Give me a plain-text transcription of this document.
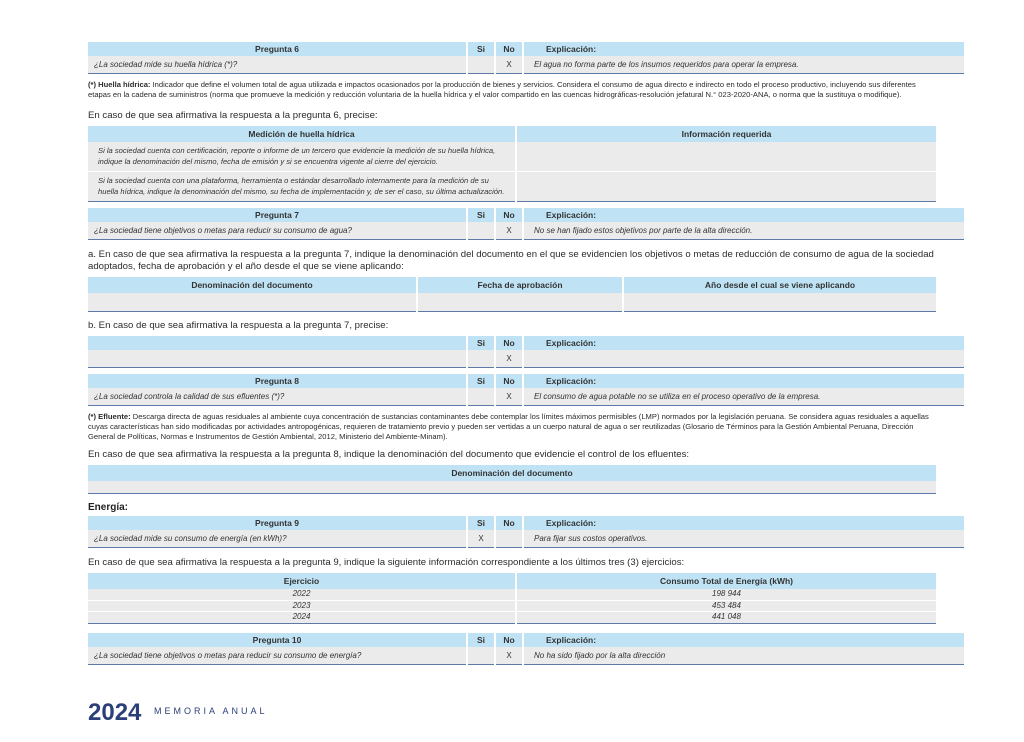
Pregunta 6	Si	No	Explicación:
¿La sociedad mide su huella hídrica (*)?		X	El agua no forma parte de los insumos requeridos para operar la empresa.

(*) Huella hídrica: Indicador que define el volumen total de agua utilizada e impactos ocasionados por la producción de bienes y servicios. Considera el consumo de agua directo e indirecto en todo el proceso productivo, incluyendo sus diferentes etapas en la cadena de suministros (norma que promueve la medición y reducción voluntaria de la huella hídrica y el valor compartido en las cuencas hidrográficas-resolución jefatural N.° 023-2020-ANA, o norma que la sustituya o modifique).

En caso de que sea afirmativa la respuesta a la pregunta 6, precise:

Medición de huella hídrica	Información requerida
Si la sociedad cuenta con certificación, reporte o informe de un tercero que evidencie la medición de su huella hídrica, indique la denominación del mismo, fecha de emisión y si se encuentra vigente al cierre del ejercicio.	
Si la sociedad cuenta con una plataforma, herramienta o estándar desarrollado internamente para la medición de su huella hídrica, indique la denominación del mismo, su fecha de implementación y, de ser el caso, su última actualización.	
Pregunta 7	Si	No	Explicación:
¿La sociedad tiene objetivos o metas para reducir su consumo de agua?		X	No se han fijado estos objetivos por parte de la alta dirección.

a. En caso de que sea afirmativa la respuesta a la pregunta 7, indique la denominación del documento en el que se evidencien los objetivos o metas de reducción de consumo de agua de la sociedad adoptados, fecha de aprobación y el año desde el que se viene aplicando:

Denominación del documento	Fecha de aprobación	Año desde el cual se viene aplicando

b. En caso de que sea afirmativa la respuesta a la pregunta 7, precise:

	Si	No	Explicación:
		X	
Pregunta 8	Si	No	Explicación:
¿La sociedad controla la calidad de sus efluentes (*)?		X	El consumo de agua potable no se utiliza en el proceso operativo de la empresa.

(*) Efluente: Descarga directa de aguas residuales al ambiente cuya concentración de sustancias contaminantes debe contemplar los límites máximos permisibles (LMP) normados por la legislación peruana. Se considera aguas residuales a aquellas cuyas características han sido modificadas por actividades antropogénicas, requieren de tratamiento previo y pueden ser vertidas a un cuerpo natural de agua o ser reutilizadas (Glosario de Términos para la Gestión Ambiental Peruana, Dirección General de Políticas, Normas e Instrumentos de Gestión Ambiental, 2012, Ministerio del Ambiente-Minam).

En caso de que sea afirmativa la respuesta a la pregunta 8, indique la denominación del documento que evidencie el control de los efluentes:

Denominación del documento

Energía:
Pregunta 9	Si	No	Explicación:
¿La sociedad mide su consumo de energía (en kWh)?	X		Para fijar sus costos operativos.

En caso de que sea afirmativa la respuesta a la pregunta 9, indique la siguiente información correspondiente a los últimos tres (3) ejercicios:

Ejercicio	Consumo Total de Energía (kWh)
2022	198 944
2023	453 484
2024	441 048
Pregunta 10	Si	No	Explicación:
¿La sociedad tiene objetivos o metas para reducir su consumo de energía?		X	No ha sido fijado por la alta dirección
2024 MEMORIA ANUAL
